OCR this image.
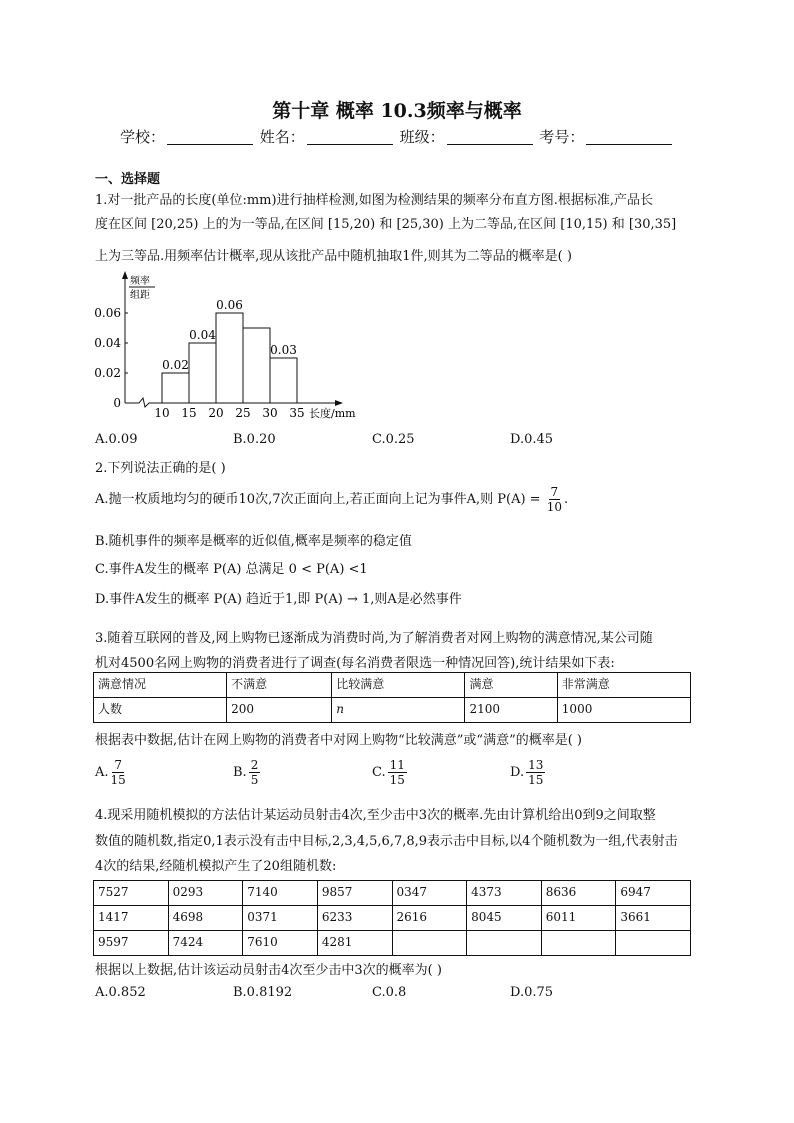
第十章 概率 10.3频率与概率
学校：	姓名：	班级：	考号：
一、选择题
1.对一批产品的长度(单位:mm)进行抽样检测,如图为检测结果的频率分布直方图.根据标准,产品长
度在区间 [20,25) 上的为一等品,在区间 [15,20) 和 [25,30) 上为二等品,在区间 [10,15) 和 [30,35]
上为三等品.用频率估计概率,现从该批产品中随机抽取1件,则其为二等品的概率是( )
频率
组距
0
0.02
0.04
0.06
0.02
0.04
0.06
0.03
10 15 20 25 30 35 长度/mm
A.0.09	B.0.20	C.0.25	D.0.45
2.下列说法正确的是( )
A.抛一枚质地均匀的硬币10次,7次正面向上,若正面向上记为事件A,则 $P(A) = \frac{7}{10}$ .
B.随机事件的频率是概率的近似值,概率是频率的稳定值
C.事件A发生的概率 P(A) 总满足 0 < P(A) <1
D.事件A发生的概率 P(A) 趋近于1,即 P(A) → 1,则A是必然事件
3.随着互联网的普及,网上购物已逐渐成为消费时尚,为了解消费者对网上购物的满意情况,某公司随
机对4500名网上购物的消费者进行了调查(每名消费者限选一种情况回答),统计结果如下表:
满意情况	不满意	比较满意	满意	非常满意
人数	200	n	2100	1000
根据表中数据,估计在网上购物的消费者中对网上购物“比较满意”或“满意”的概率是( )
A. $\frac{7}{15}$	B. $\frac{2}{5}$	C. $\frac{11}{15}$	D. $\frac{13}{15}$
4.现采用随机模拟的方法估计某运动员射击4次,至少击中3次的概率.先由计算机给出0到9之间取整
数值的随机数,指定0,1表示没有击中目标,2,3,4,5,6,7,8,9表示击中目标,以4个随机数为一组,代表射击
4次的结果,经随机模拟产生了20组随机数:
7527	0293	7140	9857	0347	4373	8636	6947
1417	4698	0371	6233	2616	8045	6011	3661
9597	7424	7610	4281				
根据以上数据,估计该运动员射击4次至少击中3次的概率为( )
A.0.852	B.0.8192	C.0.8	D.0.75
